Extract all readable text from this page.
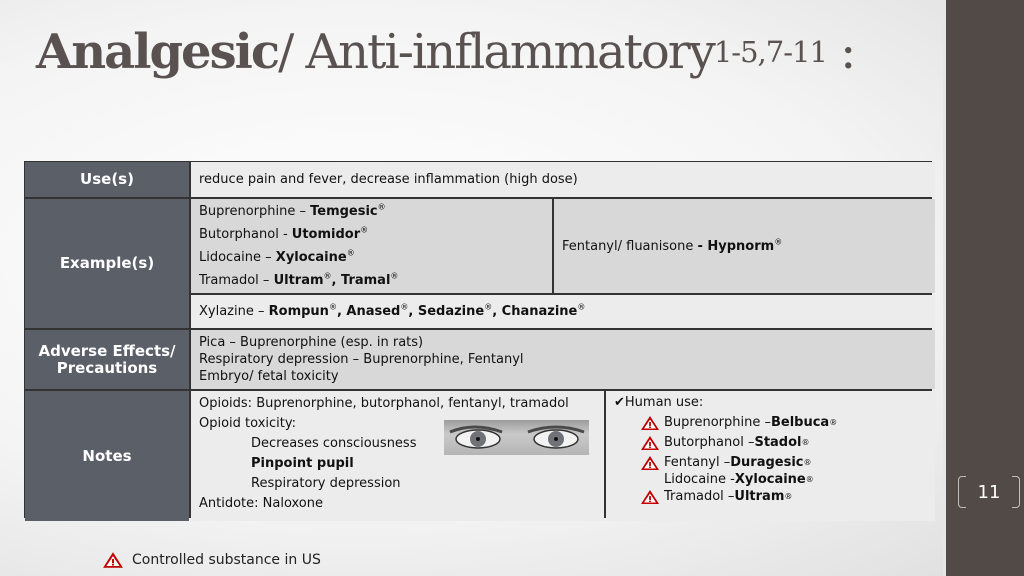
Analgesic/ Anti-inflammatory$^{1-5,7-11}$ :
Use(s)	reduce pain and fever, decrease inflammation (high dose)
Example(s)
Buprenorphine – Temgesic®
Butorphanol - Utomidor®
Lidocaine – Xylocaine®
Tramadol – Ultram®, Tramal®
Fentanyl/ fluanisone - Hypnorm®
Xylazine – Rompun®, Anased®, Sedazine®, Chanazine®
Adverse Effects/
Precautions
Pica – Buprenorphine (esp. in rats)
Respiratory depression – Buprenorphine, Fentanyl
Embryo/ fetal toxicity
Notes
Opioids: Buprenorphine, butorphanol, fentanyl, tramadol
Opioid toxicity:
Decreases consciousness
Pinpoint pupil
Respiratory depression
Antidote: Naloxone
✔Human use:
Buprenorphine – Belbuca ®
Butorphanol – Stadol ®
Fentanyl – Duragesic ®
Lidocaine - Xylocaine ®
Tramadol – Ultram ®
Controlled substance in US
11
